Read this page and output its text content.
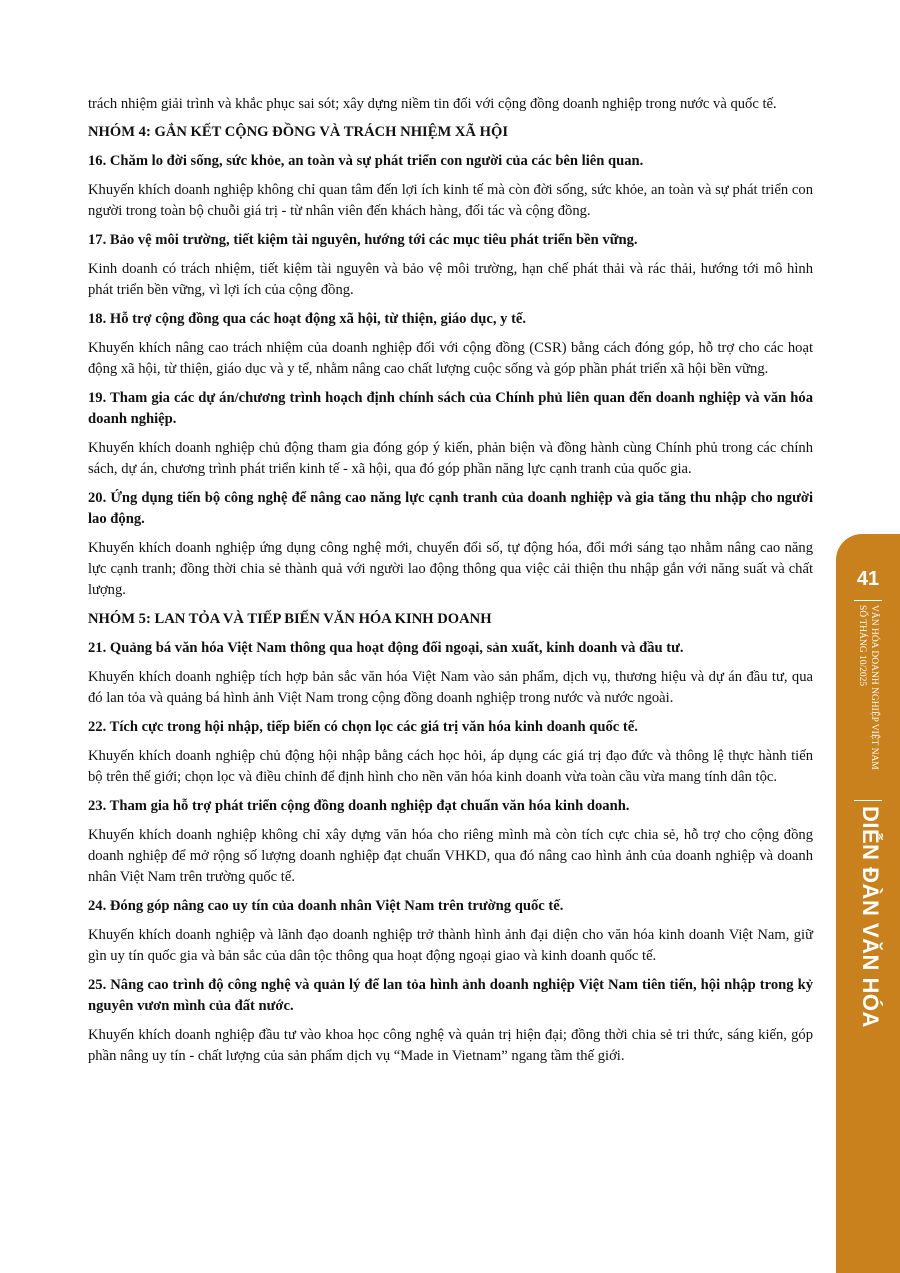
trách nhiệm giải trình và khắc phục sai sót; xây dựng niềm tin đối với cộng đồng doanh nghiệp trong nước và quốc tế.

NHÓM 4: GẮN KẾT CỘNG ĐỒNG VÀ TRÁCH NHIỆM XÃ HỘI

16. Chăm lo đời sống, sức khỏe, an toàn và sự phát triển con người của các bên liên quan.

Khuyến khích doanh nghiệp không chỉ quan tâm đến lợi ích kinh tế mà còn đời sống, sức khỏe, an toàn và sự phát triển con người trong toàn bộ chuỗi giá trị - từ nhân viên đến khách hàng, đối tác và cộng đồng.

17. Bảo vệ môi trường, tiết kiệm tài nguyên, hướng tới các mục tiêu phát triển bền vững.

Kinh doanh có trách nhiệm, tiết kiệm tài nguyên và bảo vệ môi trường, hạn chế phát thải và rác thải, hướng tới mô hình phát triển bền vững, vì lợi ích của cộng đồng.

18. Hỗ trợ cộng đồng qua các hoạt động xã hội, từ thiện, giáo dục, y tế.

Khuyến khích nâng cao trách nhiệm của doanh nghiệp đối với cộng đồng (CSR) bằng cách đóng góp, hỗ trợ cho các hoạt động xã hội, từ thiện, giáo dục và y tế, nhằm nâng cao chất lượng cuộc sống và góp phần phát triển xã hội bền vững.

19. Tham gia các dự án/chương trình hoạch định chính sách của Chính phủ liên quan đến doanh nghiệp và văn hóa doanh nghiệp.

Khuyến khích doanh nghiệp chủ động tham gia đóng góp ý kiến, phản biện và đồng hành cùng Chính phủ trong các chính sách, dự án, chương trình phát triển kinh tế - xã hội, qua đó góp phần năng lực cạnh tranh của quốc gia.

20. Ứng dụng tiến bộ công nghệ để nâng cao năng lực cạnh tranh của doanh nghiệp và gia tăng thu nhập cho người lao động.

Khuyến khích doanh nghiệp ứng dụng công nghệ mới, chuyển đổi số, tự động hóa, đổi mới sáng tạo nhằm nâng cao năng lực cạnh tranh; đồng thời chia sẻ thành quả với người lao động thông qua việc cải thiện thu nhập gắn với năng suất và chất lượng.

NHÓM 5: LAN TỎA VÀ TIẾP BIẾN VĂN HÓA KINH DOANH

21. Quảng bá văn hóa Việt Nam thông qua hoạt động đối ngoại, sản xuất, kinh doanh và đầu tư.

Khuyến khích doanh nghiệp tích hợp bản sắc văn hóa Việt Nam vào sản phẩm, dịch vụ, thương hiệu và dự án đầu tư, qua đó lan tỏa và quảng bá hình ảnh Việt Nam trong cộng đồng doanh nghiệp trong nước và nước ngoài.

22. Tích cực trong hội nhập, tiếp biến có chọn lọc các giá trị văn hóa kinh doanh quốc tế.

Khuyến khích doanh nghiệp chủ động hội nhập bằng cách học hỏi, áp dụng các giá trị đạo đức và thông lệ thực hành tiến bộ trên thế giới; chọn lọc và điều chỉnh để định hình cho nền văn hóa kinh doanh vừa toàn cầu vừa mang tính dân tộc.

23. Tham gia hỗ trợ phát triển cộng đồng doanh nghiệp đạt chuẩn văn hóa kinh doanh.

Khuyến khích doanh nghiệp không chỉ xây dựng văn hóa cho riêng mình mà còn tích cực chia sẻ, hỗ trợ cho cộng đồng doanh nghiệp để mở rộng số lượng doanh nghiệp đạt chuẩn VHKD, qua đó nâng cao hình ảnh của doanh nghiệp và doanh nhân Việt Nam trên trường quốc tế.

24. Đóng góp nâng cao uy tín của doanh nhân Việt Nam trên trường quốc tế.

Khuyến khích doanh nghiệp và lãnh đạo doanh nghiệp trở thành hình ảnh đại diện cho văn hóa kinh doanh Việt Nam, giữ gìn uy tín quốc gia và bản sắc của dân tộc thông qua hoạt động ngoại giao và kinh doanh quốc tế.

25. Nâng cao trình độ công nghệ và quản lý để lan tỏa hình ảnh doanh nghiệp Việt Nam tiên tiến, hội nhập trong kỷ nguyên vươn mình của đất nước.

Khuyến khích doanh nghiệp đầu tư vào khoa học công nghệ và quản trị hiện đại; đồng thời chia sẻ tri thức, sáng kiến, góp phần nâng uy tín - chất lượng của sản phẩm dịch vụ “Made in Vietnam” ngang tầm thế giới.

41
VĂN HÓA DOANH NGHIỆP VIỆT NAM
SỐ THÁNG 10/2025
DIỄN ĐÀN VĂN HÓA
